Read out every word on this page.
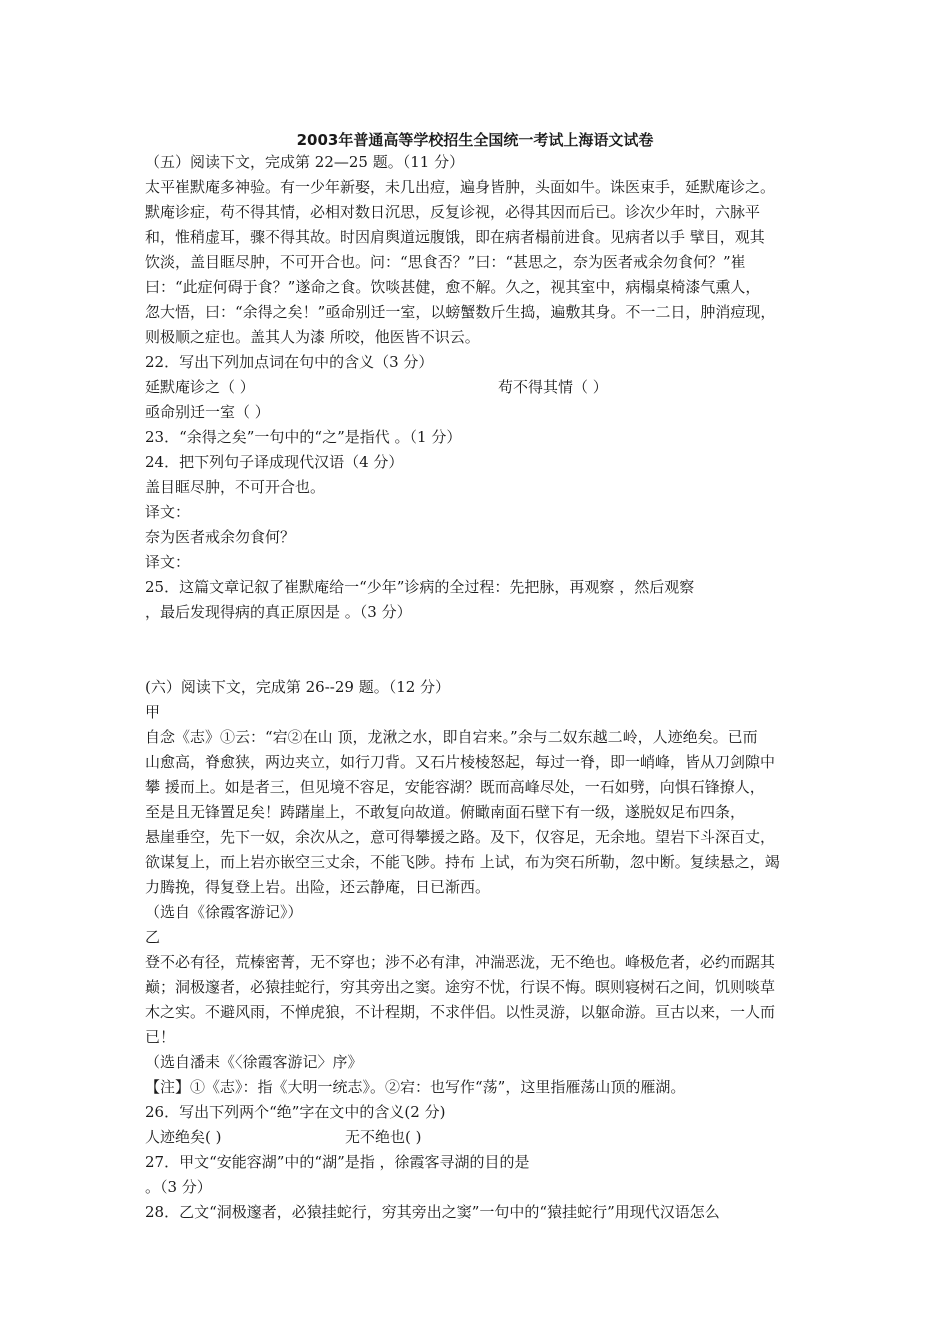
2003年普通高等学校招生全国统一考试上海语文试卷
（五）阅读下文，完成第 22—25 题。（11 分）
太平崔默庵多神验。有一少年新娶，未几出痘，遍身皆肿，头面如牛。诛医束手，延默庵诊之。
默庵诊症，苟不得其情，必相对数日沉思，反复诊视，必得其因而后已。诊次少年时，六脉平
和，惟稍虚耳，骤不得其故。时因肩舆道远腹饿，即在病者榻前进食。见病者以手 擘目，观其
饮淡，盖目眶尽肿，不可开合也。问：“思食否？”曰：“甚思之，奈为医者戒余勿食何？”崔
曰：“此症何碍于食？”遂命之食。饮啖甚健，愈不解。久之，视其室中，病榻桌椅漆气熏人，
忽大悟，曰：“余得之矣！”亟命别迁一室，以螃蟹数斤生捣，遍敷其身。不一二日，肿消痘现，
则极顺之症也。盖其人为漆 所咬，他医皆不识云。
22．写出下列加点词在句中的含义（3 分）
延默庵诊之（ ）	苟不得其情（ ）
亟命别迁一室（ ）
23．“余得之矣”一句中的“之”是指代 。（1 分）
24．把下列句子译成现代汉语（4 分）
盖目眶尽肿，不可开合也。
译文：
奈为医者戒余勿食何？
译文：
25．这篇文章记叙了崔默庵给一“少年”诊病的全过程：先把脉，再观察 ，然后观察
，最后发现得病的真正原因是 。（3 分）
(六）阅读下文，完成第 26--29 题。（12 分）
甲
自念《志》①云：“宕②在山 顶，龙湫之水，即自宕来。”余与二奴东越二岭，人迹绝矣。已而
山愈高，脊愈狭，两边夹立，如行刀背。又石片棱棱怒起，每过一脊，即一峭峰，皆从刀剑隙中
攀 援而上。如是者三，但见境不容足，安能容湖？既而高峰尽处，一石如劈，向惧石锋撩人，
至是且无锋置足矣！踌躇崖上，不敢复向故道。俯瞰南面石壁下有一级，遂脱奴足布四条，
悬崖垂空，先下一奴，余次从之，意可得攀援之路。及下，仅容足，无余地。望岩下斗深百丈，
欲谋复上，而上岩亦嵌空三丈余，不能飞陟。持布 上试，布为突石所勒，忽中断。复续悬之，竭
力腾挽，得复登上岩。出险，还云静庵，日已渐西。
（选自《徐霞客游记》）
乙
登不必有径，荒榛密菁，无不穿也；涉不必有津，冲湍恶泷，无不绝也。峰极危者，必约而踞其
巅；洞极邃者，必猿挂蛇行，穷其旁出之窦。途穷不忧，行误不悔。暝则寝树石之间，饥则啖草
木之实。不避风雨，不惮虎狼，不计程期，不求伴侣。以性灵游，以躯命游。亘古以来，一人而
已！
（选自潘耒《〈徐霞客游记〉序》
【注】①《志》：指《大明一统志》。②宕：也写作“荡”，这里指雁荡山顶的雁湖。
26．写出下列两个“绝”字在文中的含义(2 分)
人迹绝矣( )	无不绝也( )
27．甲文“安能容湖”中的“湖”是指 ，徐霞客寻湖的目的是
。（3 分）
28．乙文“洞极邃者，必猿挂蛇行，穷其旁出之窦”一句中的“猿挂蛇行”用现代汉语怎么
